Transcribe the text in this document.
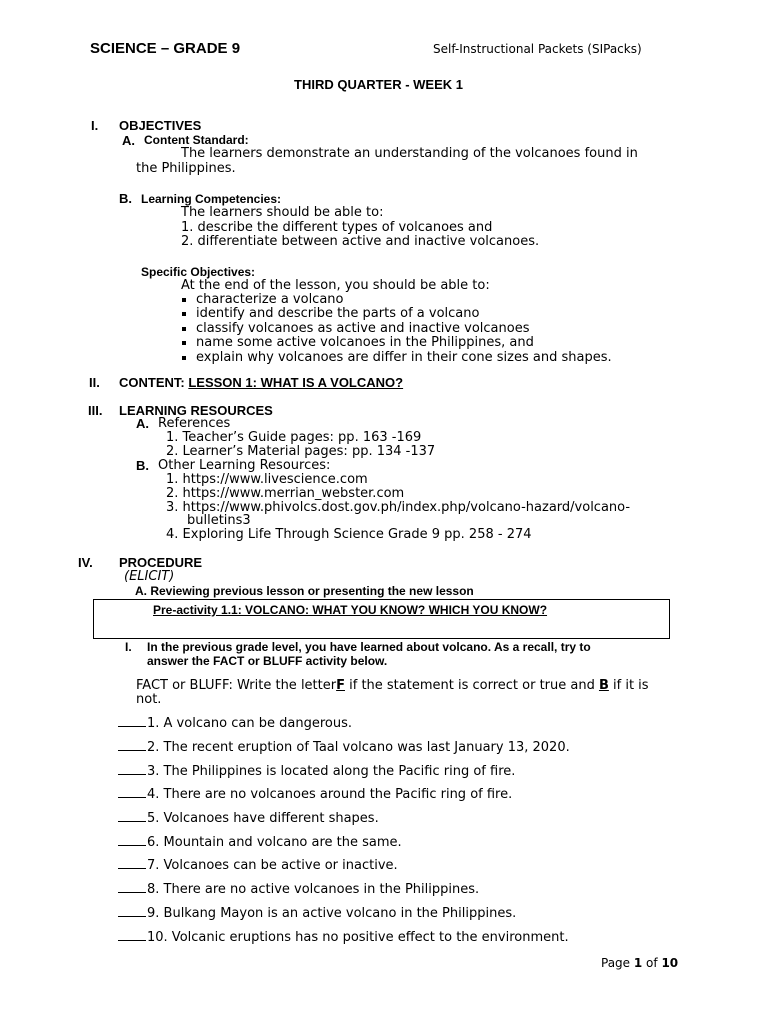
SCIENCE – GRADE 9	Self-Instructional Packets (SIPacks)
THIRD QUARTER - WEEK 1
I. OBJECTIVES
A. Content Standard:
The learners demonstrate an understanding of the volcanoes found in
the Philippines.
B. Learning Competencies:
The learners should be able to:
1. describe the different types of volcanoes and
2. differentiate between active and inactive volcanoes.
Specific Objectives:
At the end of the lesson, you should be able to:
characterize a volcano
identify and describe the parts of a volcano
classify volcanoes as active and inactive volcanoes
name some active volcanoes in the Philippines, and
explain why volcanoes are differ in their cone sizes and shapes.
II. CONTENT: LESSON 1: WHAT IS A VOLCANO?
III. LEARNING RESOURCES
A. References
1. Teacher’s Guide pages: pp. 163 -169
2. Learner’s Material pages: pp. 134 -137
B. Other Learning Resources:
1. https://www.livescience.com
2. https://www.merrian_webster.com
3. https://www.phivolcs.dost.gov.ph/index.php/volcano-hazard/volcano-
bulletins3
4. Exploring Life Through Science Grade 9 pp. 258 - 274
IV. PROCEDURE
(ELICIT)
A. Reviewing previous lesson or presenting the new lesson
Pre-activity 1.1: VOLCANO: WHAT YOU KNOW? WHICH YOU KNOW?
I. In the previous grade level, you have learned about volcano. As a recall, try to
answer the FACT or BLUFF activity below.
FACT or BLUFF: Write the letterF if the statement is correct or true and B if it is
not.
1. A volcano can be dangerous.
2. The recent eruption of Taal volcano was last January 13, 2020.
3. The Philippines is located along the Pacific ring of fire.
4. There are no volcanoes around the Pacific ring of fire.
5. Volcanoes have different shapes.
6. Mountain and volcano are the same.
7. Volcanoes can be active or inactive.
8. There are no active volcanoes in the Philippines.
9. Bulkang Mayon is an active volcano in the Philippines.
10. Volcanic eruptions has no positive effect to the environment.
Page 1 of 10
